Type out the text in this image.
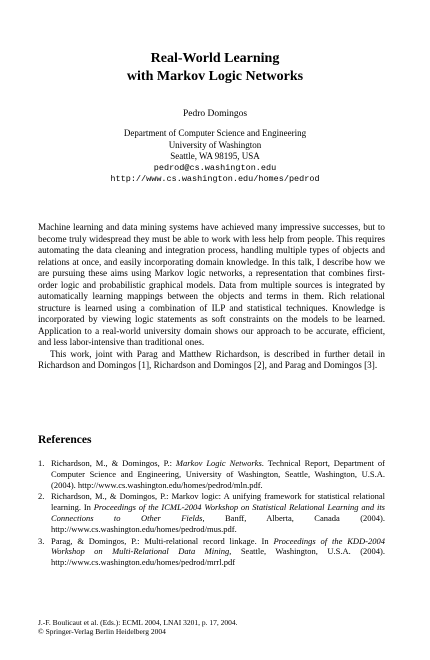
Real-World Learning
with Markov Logic Networks
Pedro Domingos
Department of Computer Science and Engineering
University of Washington
Seattle, WA 98195, USA
pedrod@cs.washington.edu
http://www.cs.washington.edu/homes/pedrod

Machine learning and data mining systems have achieved many impressive successes, but to become truly widespread they must be able to work with less help from people. This requires automating the data cleaning and integration process, handling multiple types of objects and relations at once, and easily incorporating domain knowledge. In this talk, I describe how we are pursuing these aims using Markov logic networks, a representation that combines first-order logic and probabilistic graphical models. Data from multiple sources is integrated by automatically learning mappings between the objects and terms in them. Rich relational structure is learned using a combination of ILP and statistical techniques. Knowledge is incorporated by viewing logic statements as soft constraints on the models to be learned. Application to a real-world university domain shows our approach to be accurate, efficient, and less labor-intensive than traditional ones.

This work, joint with Parag and Matthew Richardson, is described in further detail in Richardson and Domingos [1], Richardson and Domingos [2], and Parag and Domingos [3].

References
1. Richardson, M., & Domingos, P.: Markov Logic Networks. Technical Report, Department of Computer Science and Engineering, University of Washington, Seattle, Washington, U.S.A. (2004). http://www.cs.washington.edu/homes/pedrod/mln.pdf.
2. Richardson, M., & Domingos, P.: Markov logic: A unifying framework for statistical relational learning. In Proceedings of the ICML-2004 Workshop on Statistical Relational Learning and its Connections to Other Fields, Banff, Alberta, Canada (2004). http://www.cs.washington.edu/homes/pedrod/mus.pdf.
3. Parag, & Domingos, P.: Multi-relational record linkage. In Proceedings of the KDD-2004 Workshop on Multi-Relational Data Mining, Seattle, Washington, U.S.A. (2004). http://www.cs.washington.edu/homes/pedrod/mrrl.pdf
J.-F. Boulicaut et al. (Eds.): ECML 2004, LNAI 3201, p. 17, 2004.
© Springer-Verlag Berlin Heidelberg 2004
